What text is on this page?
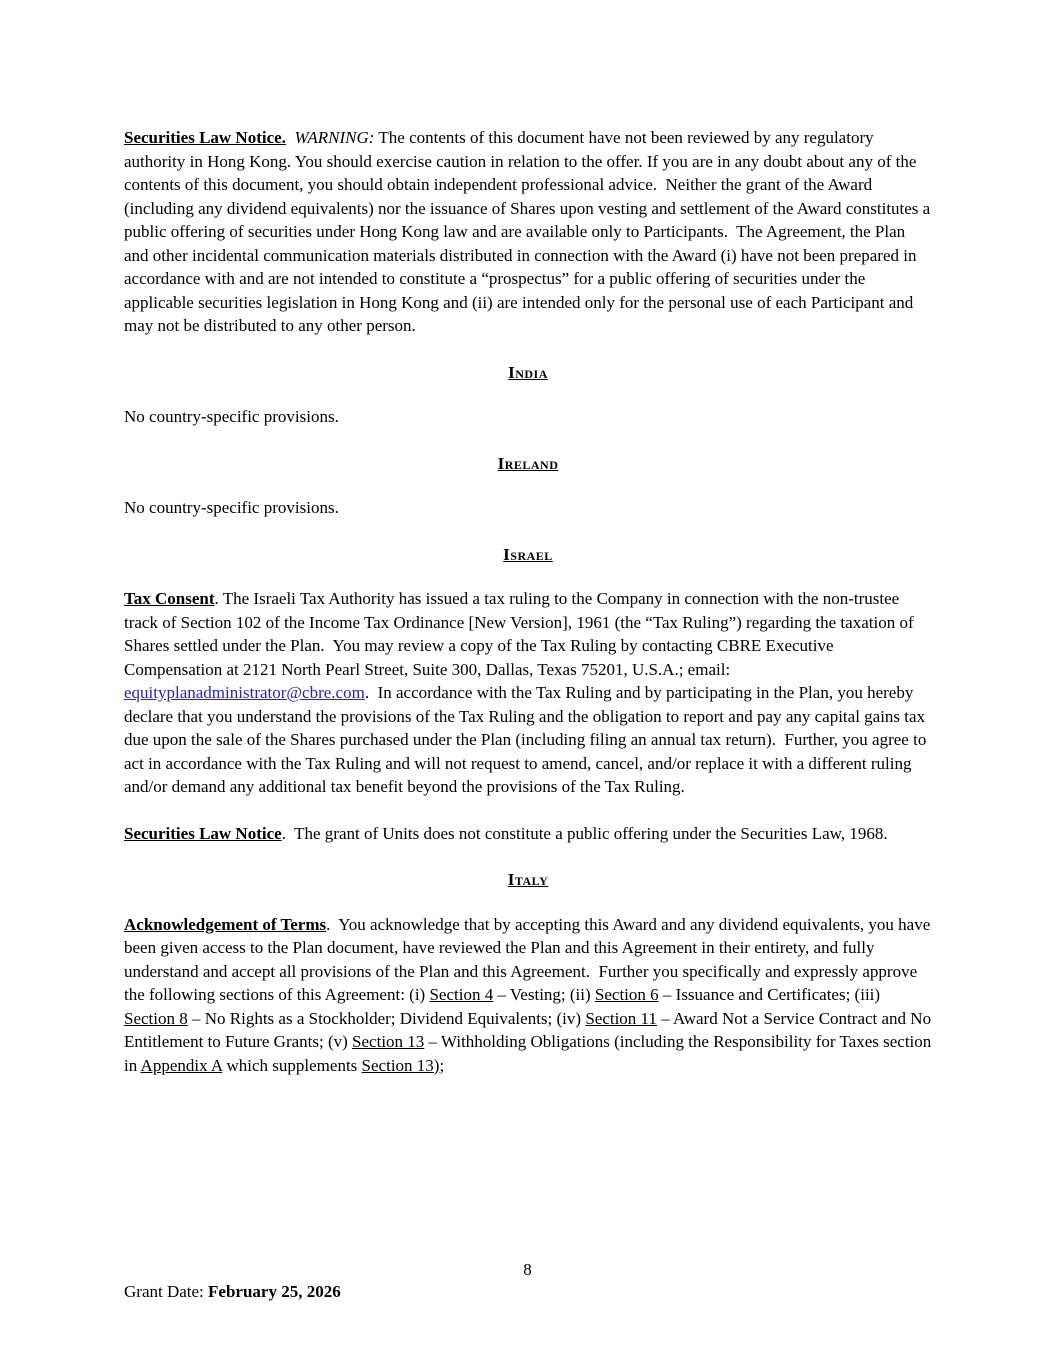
Securities Law Notice. WARNING: The contents of this document have not been reviewed by any regulatory authority in Hong Kong. You should exercise caution in relation to the offer. If you are in any doubt about any of the contents of this document, you should obtain independent professional advice.  Neither the grant of the Award (including any dividend equivalents) nor the issuance of Shares upon vesting and settlement of the Award constitutes a public offering of securities under Hong Kong law and are available only to Participants.  The Agreement, the Plan and other incidental communication materials distributed in connection with the Award (i) have not been prepared in accordance with and are not intended to constitute a “prospectus” for a public offering of securities under the applicable securities legislation in Hong Kong and (ii) are intended only for the personal use of each Participant and may not be distributed to any other person.

India

No country-specific provisions.

Ireland

No country-specific provisions.

Israel

Tax Consent. The Israeli Tax Authority has issued a tax ruling to the Company in connection with the non-trustee track of Section 102 of the Income Tax Ordinance [New Version], 1961 (the “Tax Ruling”) regarding the taxation of Shares settled under the Plan.  You may review a copy of the Tax Ruling by contacting CBRE Executive Compensation at 2121 North Pearl Street, Suite 300, Dallas, Texas 75201, U.S.A.; email: equityplanadministrator@cbre.com.  In accordance with the Tax Ruling and by participating in the Plan, you hereby declare that you understand the provisions of the Tax Ruling and the obligation to report and pay any capital gains tax due upon the sale of the Shares purchased under the Plan (including filing an annual tax return).  Further, you agree to act in accordance with the Tax Ruling and will not request to amend, cancel, and/or replace it with a different ruling and/or demand any additional tax benefit beyond the provisions of the Tax Ruling.

Securities Law Notice.  The grant of Units does not constitute a public offering under the Securities Law, 1968.

Italy

Acknowledgement of Terms.  You acknowledge that by accepting this Award and any dividend equivalents, you have been given access to the Plan document, have reviewed the Plan and this Agreement in their entirety, and fully understand and accept all provisions of the Plan and this Agreement.  Further you specifically and expressly approve the following sections of this Agreement: (i) Section 4 – Vesting; (ii) Section 6 – Issuance and Certificates; (iii) Section 8 – No Rights as a Stockholder; Dividend Equivalents; (iv) Section 11 – Award Not a Service Contract and No Entitlement to Future Grants; (v) Section 13 – Withholding Obligations (including the Responsibility for Taxes section in Appendix A which supplements Section 13);

8
Grant Date: February 25, 2026
